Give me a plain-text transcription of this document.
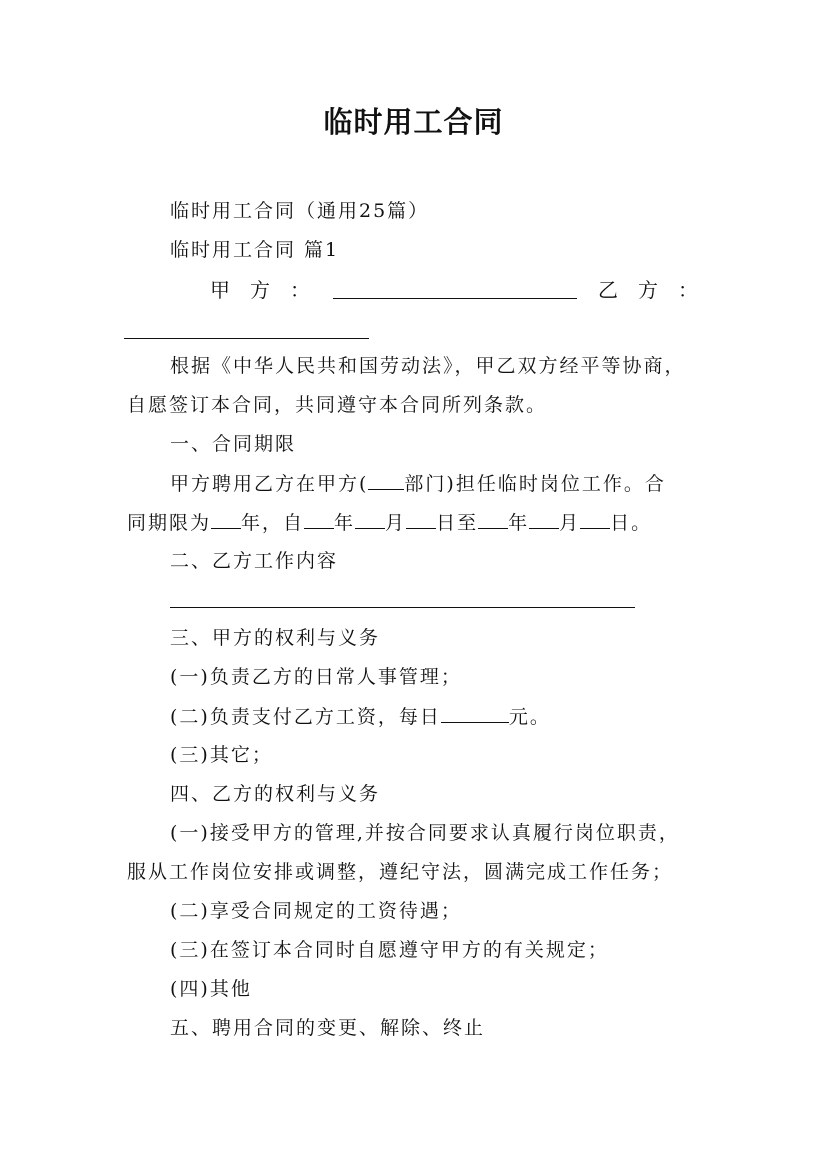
临时用工合同
临时用工合同（通用25篇）
临时用工合同 篇1
甲　方　：	乙　方　：
根据《中华人民共和国劳动法》，甲乙双方经平等协商，
自愿签订本合同，共同遵守本合同所列条款。
一、合同期限
甲方聘用乙方在甲方( 部门)担任临时岗位工作。合
同期限为 年，自 年 月 日至 年 月 日。
二、乙方工作内容
三、甲方的权利与义务
(一)负责乙方的日常人事管理；
(二)负责支付乙方工资，每日	元。
(三)其它；
四、乙方的权利与义务
(一)接受甲方的管理,并按合同要求认真履行岗位职责，
服从工作岗位安排或调整，遵纪守法，圆满完成工作任务；
(二)享受合同规定的工资待遇；
(三)在签订本合同时自愿遵守甲方的有关规定；
(四)其他
五、聘用合同的变更、解除、终止
